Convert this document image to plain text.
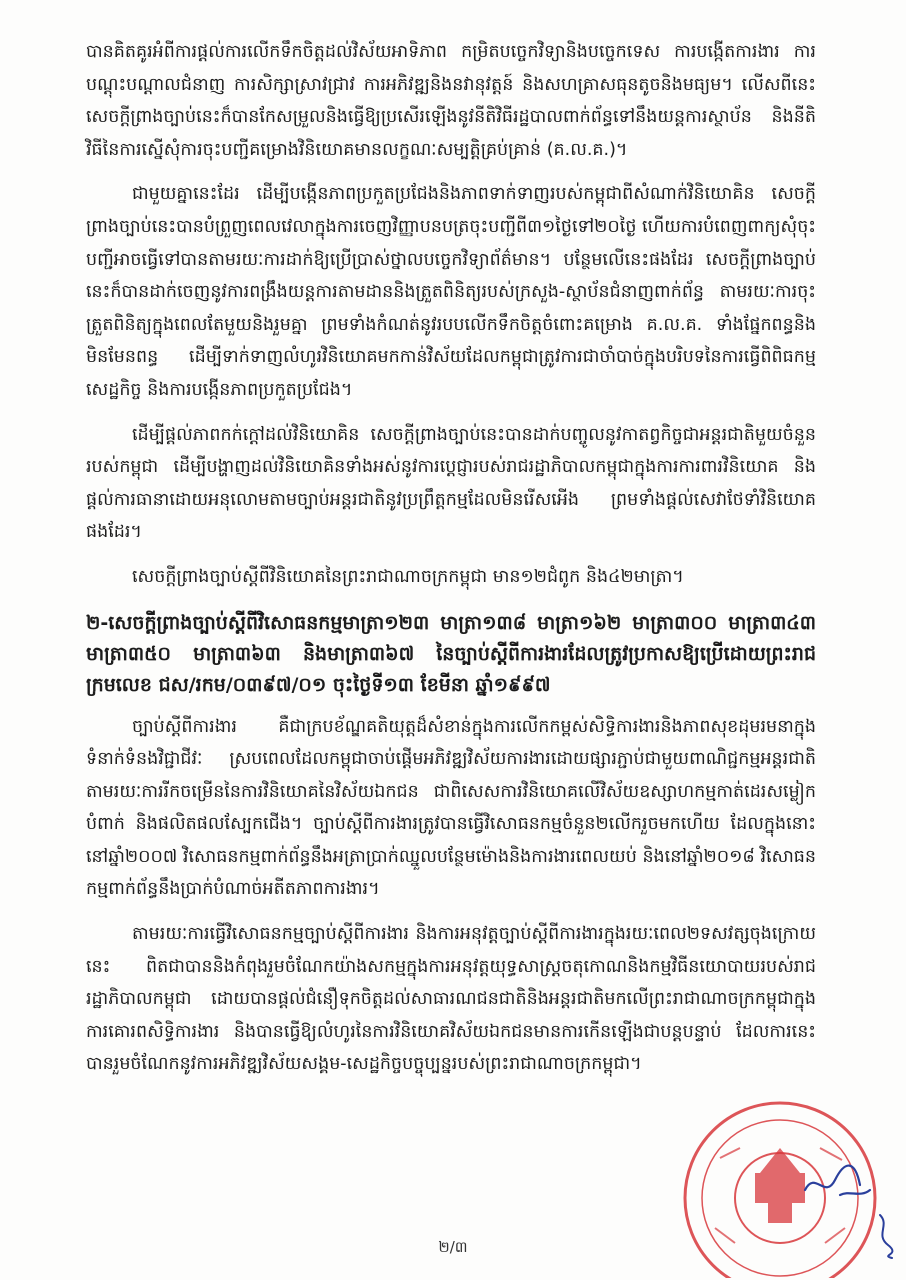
បានគិតគូរអំពីការផ្ដល់ការលើកទឹកចិត្តដល់វិស័យអាទិភាព កម្រិតបច្ចេកវិទ្យានិងបច្ចេកទេស ការបង្កើតការងារ ការបណ្តុះបណ្តាលជំនាញ ការសិក្សាស្រាវជ្រាវ ការអភិវឌ្ឍនិងនវានុវត្តន៍ និងសហគ្រាសធុនតូចនិងមធ្យម។ លើសពីនេះ សេចក្តីព្រាងច្បាប់នេះក៏បានកែសម្រួលនិងធ្វើឱ្យប្រសើរឡើងនូវនីតិវិធីរដ្ឋបាលពាក់ព័ន្ធទៅនឹងយន្តការស្ថាប័ន និងនីតិវិធីនៃការស្នើសុំការចុះបញ្ជីគម្រោងវិនិយោគមានលក្ខណៈសម្បត្តិគ្រប់គ្រាន់ (គ.ល.គ.)។

ជាមួយគ្នានេះដែរ ដើម្បីបង្កើនភាពប្រកួតប្រជែងនិងភាពទាក់ទាញរបស់កម្ពុជាពីសំណាក់វិនិយោគិន សេចក្តីព្រាងច្បាប់នេះបានបំព្រួញពេលវេលាក្នុងការចេញវិញ្ញាបនបត្រចុះបញ្ជីពី៣១ថ្ងៃទៅ២០ថ្ងៃ ហើយការបំពេញពាក្យសុំចុះបញ្ជីអាចធ្វើទៅបានតាមរយៈការដាក់ឱ្យប្រើប្រាស់ថ្នាលបច្ចេកវិទ្យាព័ត៌មាន។ បន្ថែមលើនេះផងដែរ សេចក្តីព្រាងច្បាប់នេះក៏បានដាក់ចេញនូវការពង្រឹងយន្តការតាមដាននិងត្រួតពិនិត្យរបស់ក្រសួង-ស្ថាប័នជំនាញពាក់ព័ន្ធ តាមរយៈការចុះត្រួតពិនិត្យក្នុងពេលតែមួយនិងរួមគ្នា ព្រមទាំងកំណត់នូវរបបលើកទឹកចិត្តចំពោះគម្រោង គ.ល.គ. ទាំងផ្នែកពន្ធនិងមិនមែនពន្ធ ដើម្បីទាក់ទាញលំហូរវិនិយោគមកកាន់វិស័យដែលកម្ពុជាត្រូវការជាចាំបាច់ក្នុងបរិបទនៃការធ្វើពិពិធកម្មសេដ្ឋកិច្ច និងការបង្កើនភាពប្រកួតប្រជែង។

ដើម្បីផ្តល់ភាពកក់ក្ដៅដល់វិនិយោគិន សេចក្តីព្រាងច្បាប់នេះបានដាក់បញ្ចូលនូវកាតព្វកិច្ចជាអន្តរជាតិមួយចំនួនរបស់កម្ពុជា ដើម្បីបង្ហាញដល់វិនិយោគិនទាំងអស់នូវការប្តេជ្ញារបស់រាជរដ្ឋាភិបាលកម្ពុជាក្នុងការការពារវិនិយោគ និងផ្តល់ការធានាដោយអនុលោមតាមច្បាប់អន្តរជាតិនូវប្រព្រឹត្តកម្មដែលមិនរើសអើង ព្រមទាំងផ្តល់សេវាថែទាំវិនិយោគផងដែរ។

សេចក្តីព្រាងច្បាប់ស្តីពីវិនិយោគនៃព្រះរាជាណាចក្រកម្ពុជា មាន១២ជំពូក និង៤២មាត្រា។

២-សេចក្តីព្រាងច្បាប់ស្តីពីវិសោធនកម្មមាត្រា១២៣ មាត្រា១៣៨ មាត្រា១៦២ មាត្រា៣០០ មាត្រា៣៤៣ មាត្រា៣៥០ មាត្រា៣៦៣ និងមាត្រា៣៦៧ នៃច្បាប់ស្តីពីការងារដែលត្រូវប្រកាសឱ្យប្រើដោយព្រះរាជក្រមលេខ ជស/រកម/០៣៩៧/០១ ចុះថ្ងៃទី១៣ ខែមីនា ឆ្នាំ១៩៩៧

ច្បាប់ស្តីពីការងារ គឺជាក្របខ័ណ្ឌគតិយុត្តដ៏សំខាន់ក្នុងការលើកកម្ពស់សិទ្ធិការងារនិងភាពសុខដុមរមនាក្នុងទំនាក់ទំនងវិជ្ជាជីវៈ ស្របពេលដែលកម្ពុជាចាប់ផ្តើមអភិវឌ្ឍវិស័យការងារដោយផ្សារភ្ជាប់ជាមួយពាណិជ្ជកម្មអន្តរជាតិ តាមរយៈការរីកចម្រើននៃការវិនិយោគនៃវិស័យឯកជន ជាពិសេសការវិនិយោគលើវិស័យឧស្សាហកម្មកាត់ដេរសម្លៀកបំពាក់ និងផលិតផលស្បែកជើង។ ច្បាប់ស្តីពីការងារត្រូវបានធ្វើវិសោធនកម្មចំនួន២លើករួចមកហើយ ដែលក្នុងនោះនៅឆ្នាំ២០០៧ វិសោធនកម្មពាក់ព័ន្ធនឹងអត្រាប្រាក់ឈ្នួលបន្ថែមម៉ោងនិងការងារពេលយប់ និងនៅឆ្នាំ២០១៨ វិសោធនកម្មពាក់ព័ន្ធនឹងប្រាក់បំណាច់អតីតភាពការងារ។

តាមរយៈការធ្វើវិសោធនកម្មច្បាប់ស្តីពីការងារ និងការអនុវត្តច្បាប់ស្តីពីការងារក្នុងរយៈពេល២ទសវត្សចុងក្រោយនេះ ពិតជាបាននិងកំពុងរួមចំណែកយ៉ាងសកម្មក្នុងការអនុវត្តយុទ្ធសាស្ត្រចតុកោណនិងកម្មវិធីនយោបាយរបស់រាជរដ្ឋាភិបាលកម្ពុជា ដោយបានផ្តល់ជំនឿទុកចិត្តដល់សាធារណជនជាតិនិងអន្តរជាតិមកលើព្រះរាជាណាចក្រកម្ពុជាក្នុងការគោរពសិទ្ធិការងារ និងបានធ្វើឱ្យលំហូរនៃការវិនិយោគវិស័យឯកជនមានការកើនឡើងជាបន្តបន្ទាប់ ដែលការនេះបានរួមចំណែកនូវការអភិវឌ្ឍវិស័យសង្គម-សេដ្ឋកិច្ចបច្ចុប្បន្នរបស់ព្រះរាជាណាចក្រកម្ពុជា។

២/៣
